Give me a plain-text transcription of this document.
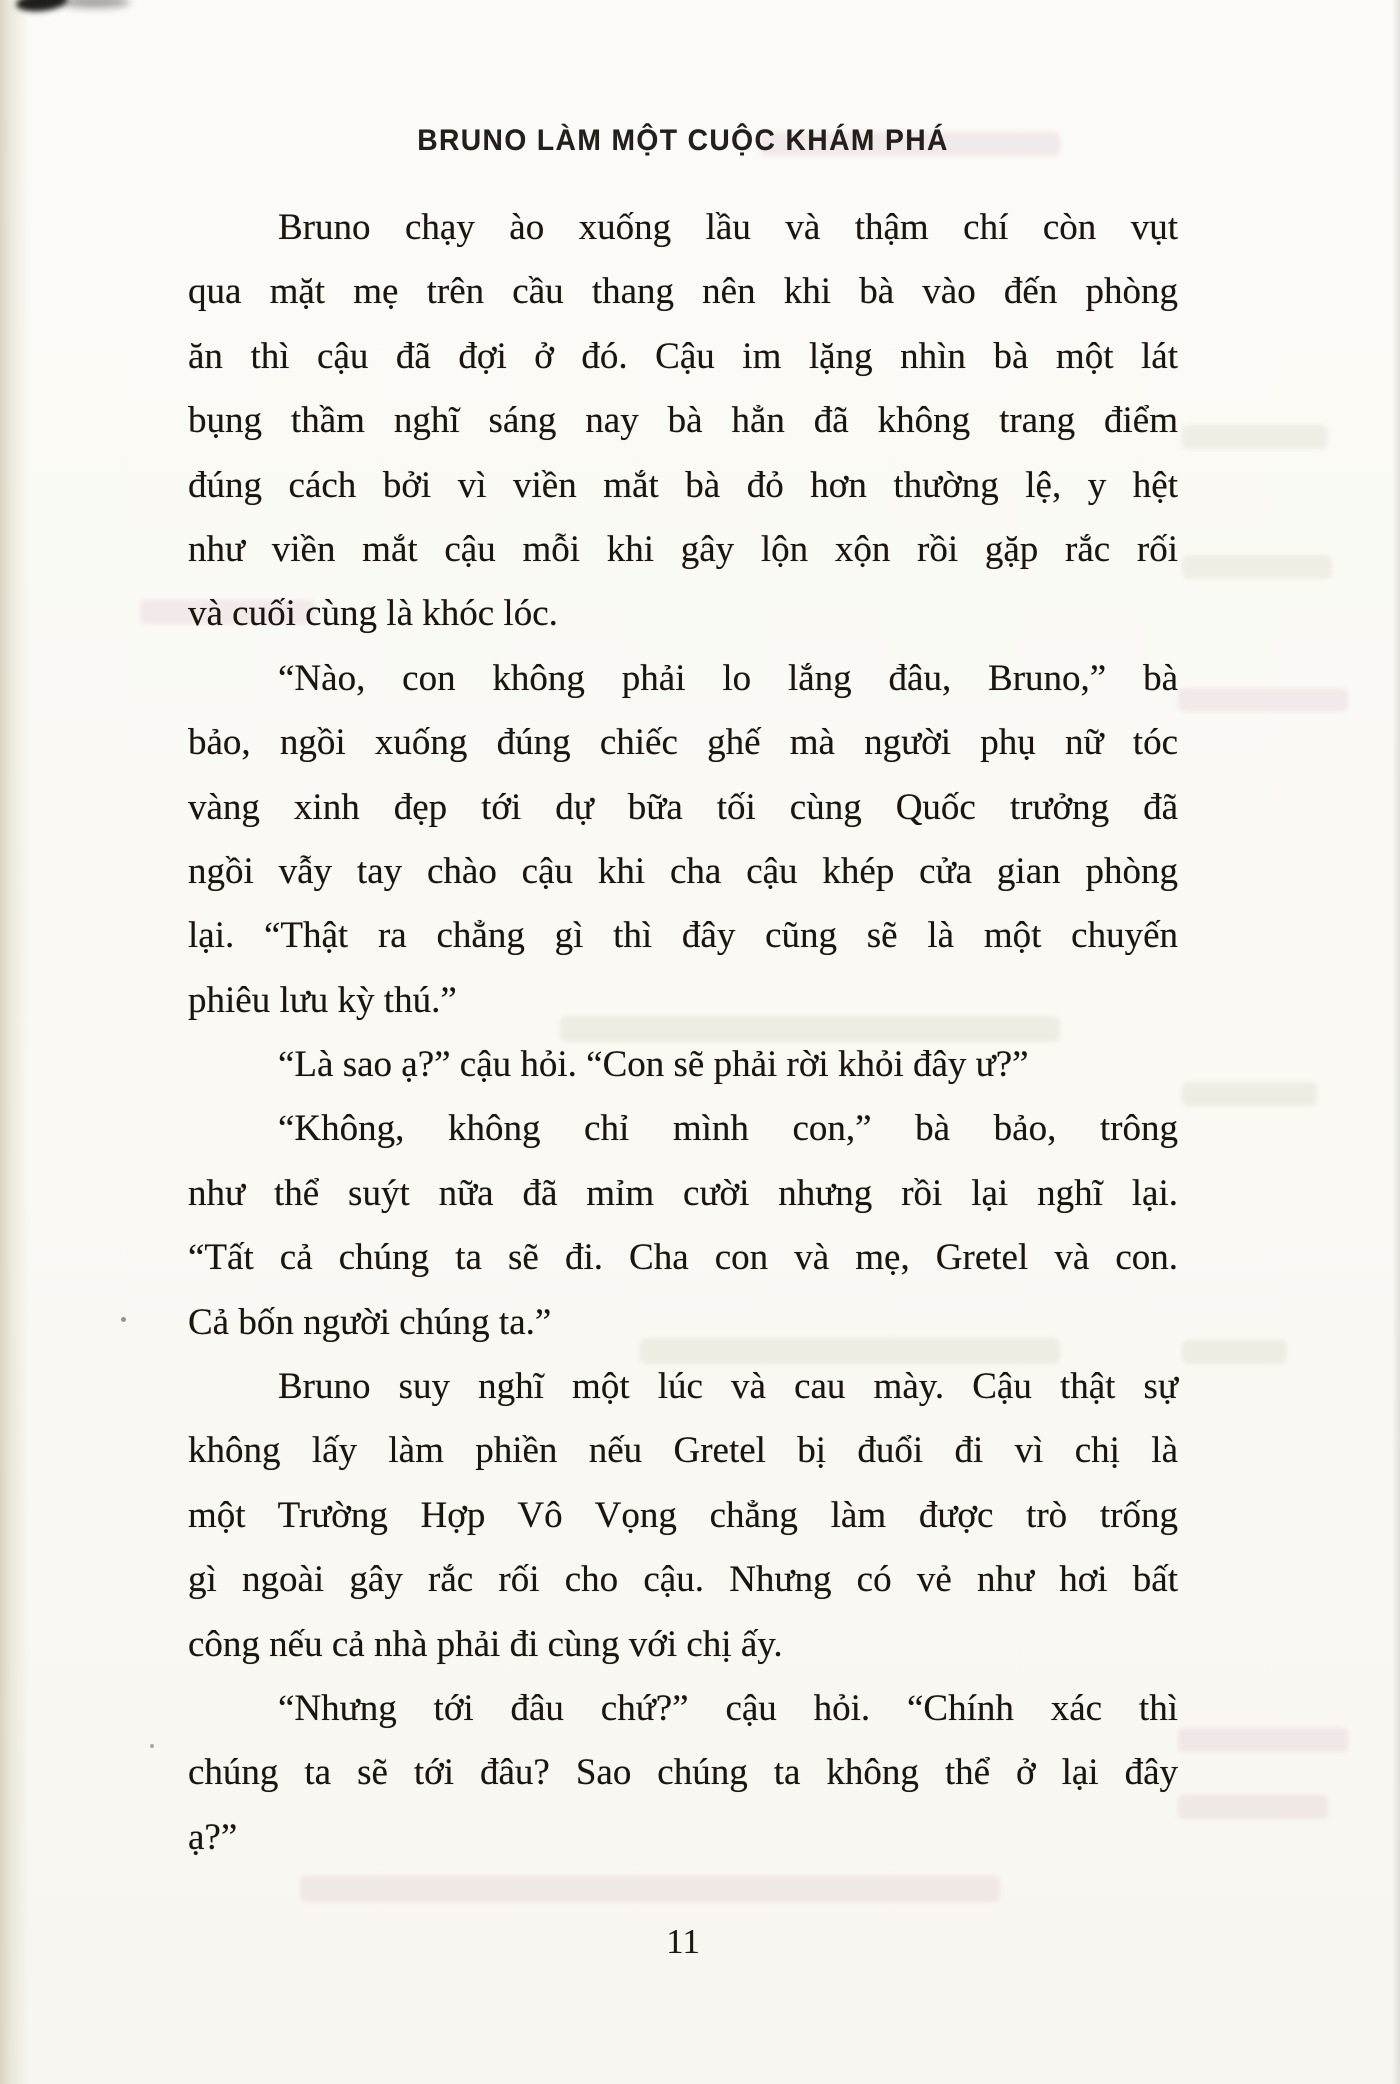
BRUNO LÀM MỘT CUỘC KHÁM PHÁ
Bruno chạy ào xuống lầu và thậm chí còn vụt
qua mặt mẹ trên cầu thang nên khi bà vào đến phòng
ăn thì cậu đã đợi ở đó. Cậu im lặng nhìn bà một lát
bụng thầm nghĩ sáng nay bà hẳn đã không trang điểm
đúng cách bởi vì viền mắt bà đỏ hơn thường lệ, y hệt
như viền mắt cậu mỗi khi gây lộn xộn rồi gặp rắc rối
và cuối cùng là khóc lóc.
“Nào, con không phải lo lắng đâu, Bruno,” bà
bảo, ngồi xuống đúng chiếc ghế mà người phụ nữ tóc
vàng xinh đẹp tới dự bữa tối cùng Quốc trưởng đã
ngồi vẫy tay chào cậu khi cha cậu khép cửa gian phòng
lại. “Thật ra chẳng gì thì đây cũng sẽ là một chuyến
phiêu lưu kỳ thú.”
“Là sao ạ?” cậu hỏi. “Con sẽ phải rời khỏi đây ư?”
“Không, không chỉ mình con,” bà bảo, trông
như thể suýt nữa đã mỉm cười nhưng rồi lại nghĩ lại.
“Tất cả chúng ta sẽ đi. Cha con và mẹ, Gretel và con.
Cả bốn người chúng ta.”
Bruno suy nghĩ một lúc và cau mày. Cậu thật sự
không lấy làm phiền nếu Gretel bị đuổi đi vì chị là
một Trường Hợp Vô Vọng chẳng làm được trò trống
gì ngoài gây rắc rối cho cậu. Nhưng có vẻ như hơi bất
công nếu cả nhà phải đi cùng với chị ấy.
“Nhưng tới đâu chứ?” cậu hỏi. “Chính xác thì
chúng ta sẽ tới đâu? Sao chúng ta không thể ở lại đây
ạ?”
11
